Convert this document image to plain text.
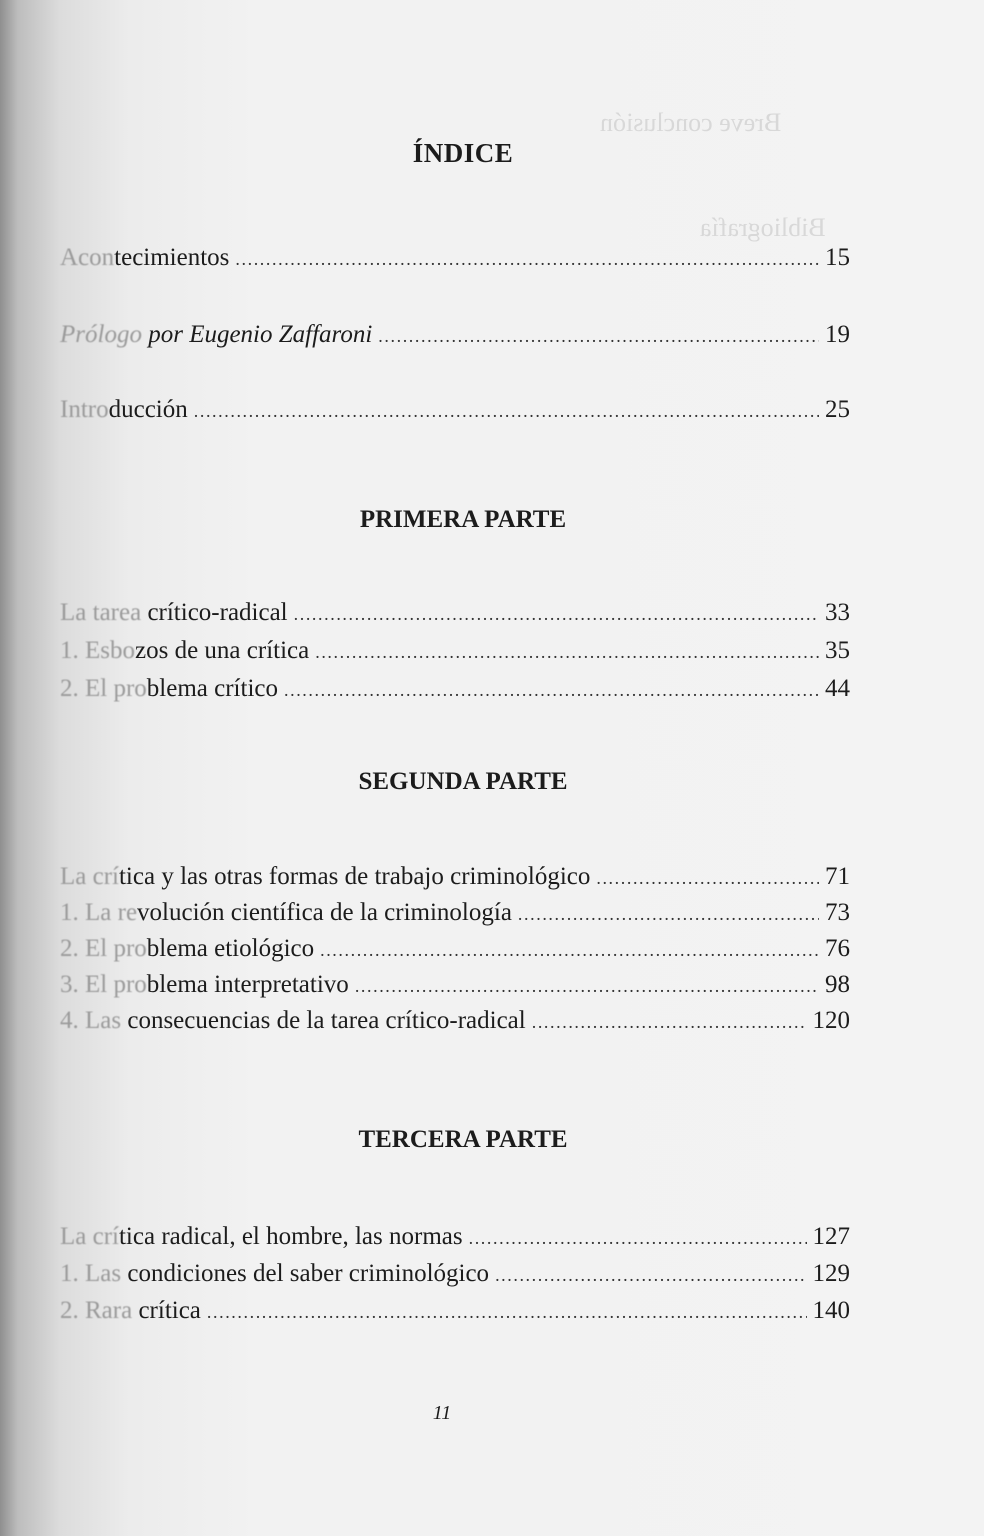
Breve conclusión
Bibliografía
ÍNDICE
Acontecimientos .....	15
Prólogo por Eugenio Zaffaroni .....	19
Introducción .....	25
PRIMERA PARTE
La tarea crítico-radical .....	33
1. Esbozos de una crítica .....	35
2. El problema crítico .....	44
SEGUNDA PARTE
La crítica y las otras formas de trabajo criminológico .....	71
1. La revolución científica de la criminología .....	73
2. El problema etiológico .....	76
3. El problema interpretativo .....	98
4. Las consecuencias de la tarea crítico-radical .....	120
TERCERA PARTE
La crítica radical, el hombre, las normas .....	127
1. Las condiciones del saber criminológico .....	129
2. Rara crítica .....	140
11
